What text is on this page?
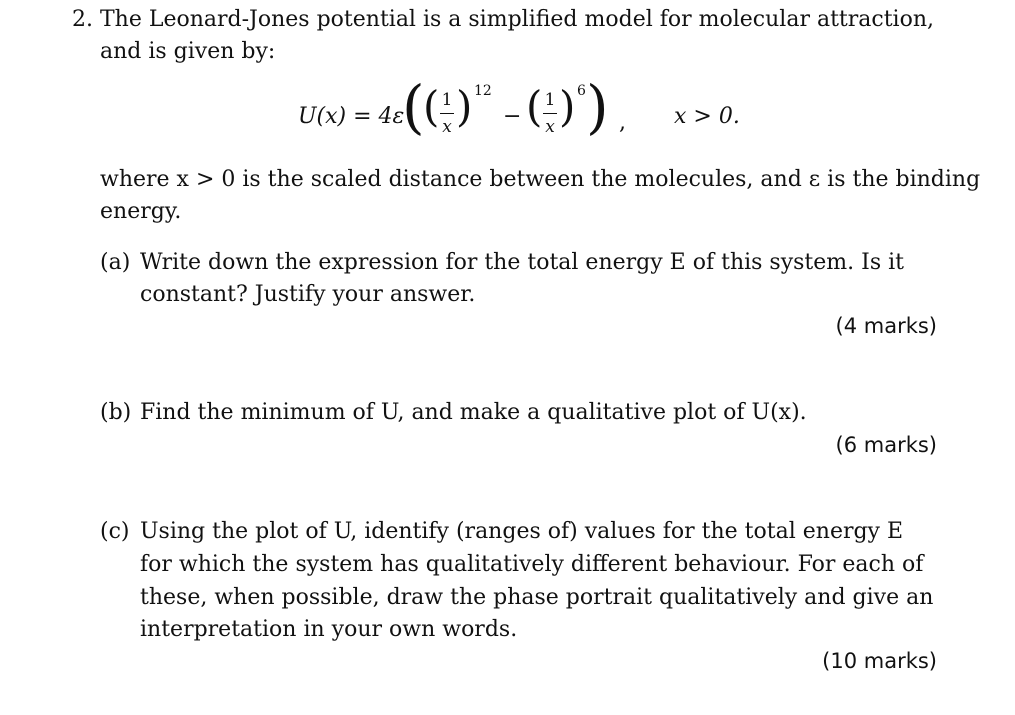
2. The Leonard-Jones potential is a simplified model for molecular attraction,
and is given by:
U(x) = 4ε
(
( 1
x ) 12
− ( 1
x ) 6 ) , x > 0.
where x > 0 is the scaled distance between the molecules, and ε is the binding
energy.
(a) Write down the expression for the total energy E of this system. Is it
constant? Justify your answer.
(4 marks)
(b) Find the minimum of U, and make a qualitative plot of U(x).
(6 marks)
(c) Using the plot of U, identify (ranges of) values for the total energy E
for which the system has qualitatively different behaviour. For each of
these, when possible, draw the phase portrait qualitatively and give an
interpretation in your own words.
(10 marks)
